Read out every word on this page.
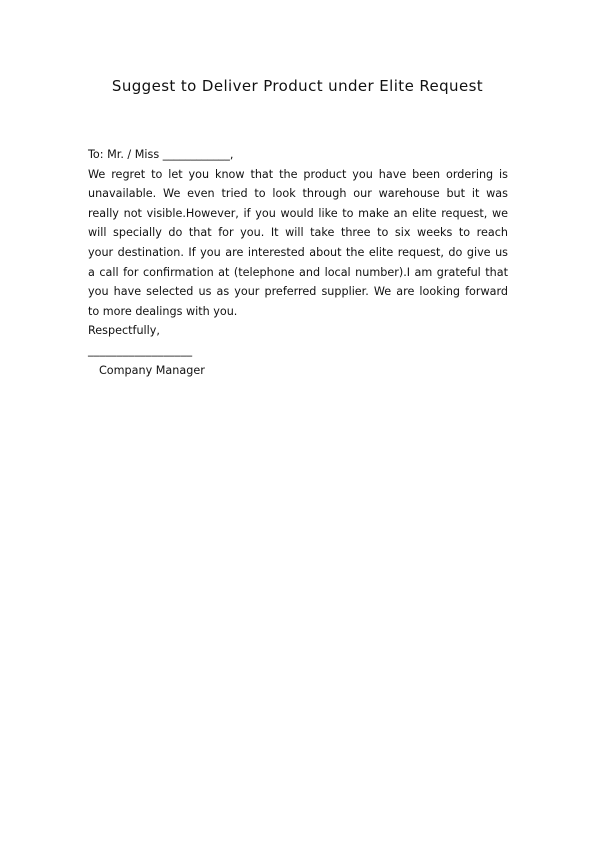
Suggest to Deliver Product under Elite Request
To: Mr. / Miss ____________,
We regret to let you know that the product you have been ordering is
unavailable. We even tried to look through our warehouse but it was
really not visible.However, if you would like to make an elite request, we
will specially do that for you. It will take three to six weeks to reach
your destination. If you are interested about the elite request, do give us
a call for confirmation at (telephone and local number).I am grateful that
you have selected us as your preferred supplier. We are looking forward
to more dealings with you.
Respectfully,
__________________
Company Manager
